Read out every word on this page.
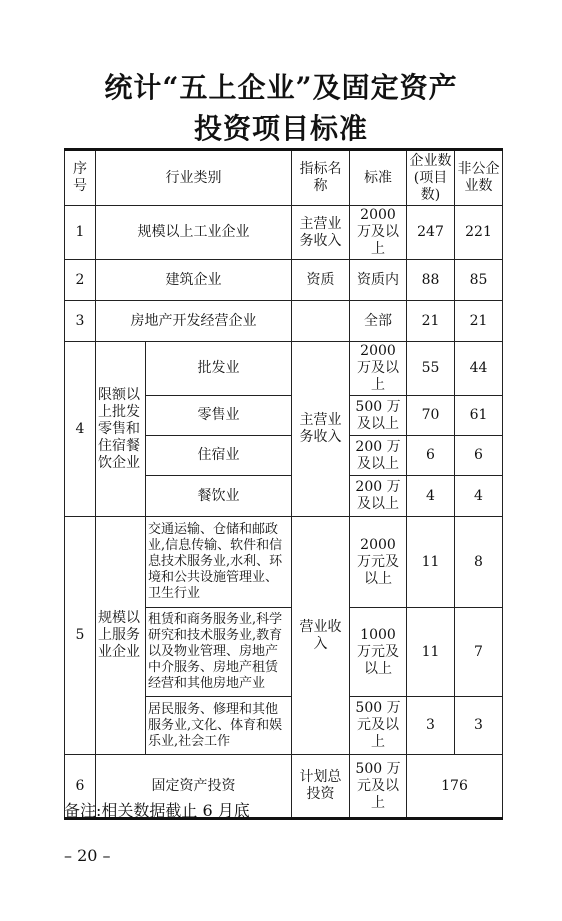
统计“五上企业”及固定资产
投资项目标准
序号	行业类别		指标名称	标准	企业数(项目数)	非公企业数
1	规模以上工业企业		主营业务收入	2000 万及以上	247	221
2	建筑企业		资质	资质内	88	85
3	房地产开发经营企业			全部	21	21
4	限额以上批发零售和住宿餐饮企业	批发业	主营业务收入	2000 万及以上	55	44
		零售业		500 万及以上	70	61
		住宿业		200 万及以上	6	6
		餐饮业		200 万及以上	4	4
5	规模以上服务业企业	交通运输、仓储和邮政业,信息传输、软件和信息技术服务业,水利、环境和公共设施管理业、卫生行业	营业收入	2000 万元及以上	11	8
		租赁和商务服务业,科学研究和技术服务业,教育以及物业管理、房地产中介服务、房地产租赁经营和其他房地产业		1000 万元及以上	11	7
		居民服务、修理和其他服务业,文化、体育和娱乐业,社会工作		500 万元及以上	3	3
6	固定资产投资		计划总投资	500 万元及以上	176	
备注:相关数据截止 6 月底
– 20 –
